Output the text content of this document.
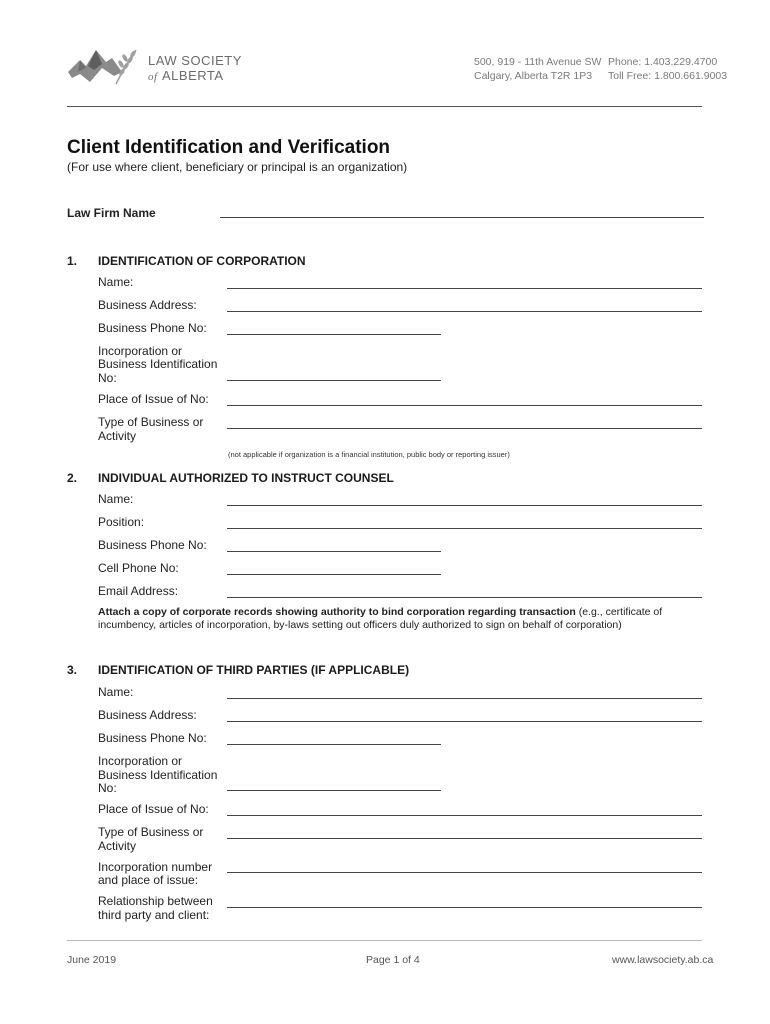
LAW SOCIETY
of ALBERTA
500, 919 - 11th Avenue SW
Calgary, Alberta T2R 1P3
Phone: 1.403.229.4700
Toll Free: 1.800.661.9003
Client Identification and Verification
(For use where client, beneficiary or principal is an organization)
Law Firm Name
1. IDENTIFICATION OF CORPORATION
Name:
Business Address:
Business Phone No:
Incorporation or
Business Identification
No:
Place of Issue of No:
Type of Business or
Activity
(not applicable if organization is a financial institution, public body or reporting issuer)
2. INDIVIDUAL AUTHORIZED TO INSTRUCT COUNSEL
Name:
Position:
Business Phone No:
Cell Phone No:
Email Address:
Attach a copy of corporate records showing authority to bind corporation regarding transaction (e.g., certificate of incumbency, articles of incorporation, by-laws setting out officers duly authorized to sign on behalf of corporation)
3. IDENTIFICATION OF THIRD PARTIES (IF APPLICABLE)
Name:
Business Address:
Business Phone No:
Incorporation or
Business Identification
No:
Place of Issue of No:
Type of Business or
Activity
Incorporation number
and place of issue:
Relationship between
third party and client:
June 2019	Page 1 of 4	www.lawsociety.ab.ca
